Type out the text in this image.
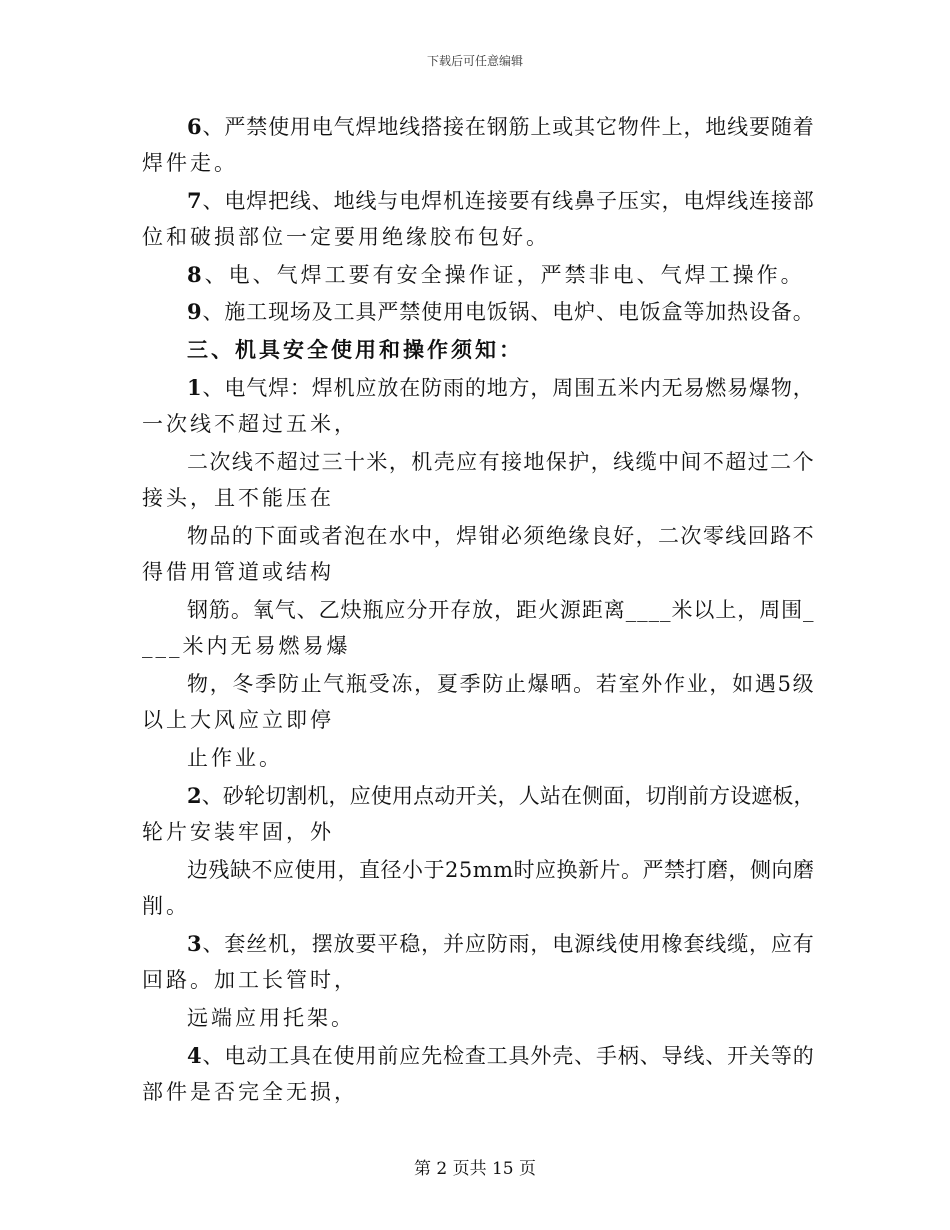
下载后可任意编辑
6、严禁使用电气焊地线搭接在钢筋上或其它物件上，地线要随着
焊件走。
7、电焊把线、地线与电焊机连接要有线鼻子压实，电焊线连接部
位和破损部位一定要用绝缘胶布包好。
8、电、气焊工要有安全操作证，严禁非电、气焊工操作。
9、施工现场及工具严禁使用电饭锅、电炉、电饭盒等加热设备。
三、机具安全使用和操作须知：
1、电气焊：焊机应放在防雨的地方，周围五米内无易燃易爆物，
一次线不超过五米，
二次线不超过三十米，机壳应有接地保护，线缆中间不超过二个
接头，且不能压在
物品的下面或者泡在水中，焊钳必须绝缘良好，二次零线回路不
得借用管道或结构
钢筋。氧气、乙炔瓶应分开存放，距火源距离____米以上，周围_
___米内无易燃易爆
物，冬季防止气瓶受冻，夏季防止爆晒。若室外作业，如遇5级
以上大风应立即停
止作业。
2、砂轮切割机，应使用点动开关，人站在侧面，切削前方设遮板，
轮片安装牢固，外
边残缺不应使用，直径小于25mm时应换新片。严禁打磨，侧向磨
削。
3、套丝机，摆放要平稳，并应防雨，电源线使用橡套线缆，应有
回路。加工长管时，
远端应用托架。
4、电动工具在使用前应先检查工具外壳、手柄、导线、开关等的
部件是否完全无损，
第 2 页共 15 页
